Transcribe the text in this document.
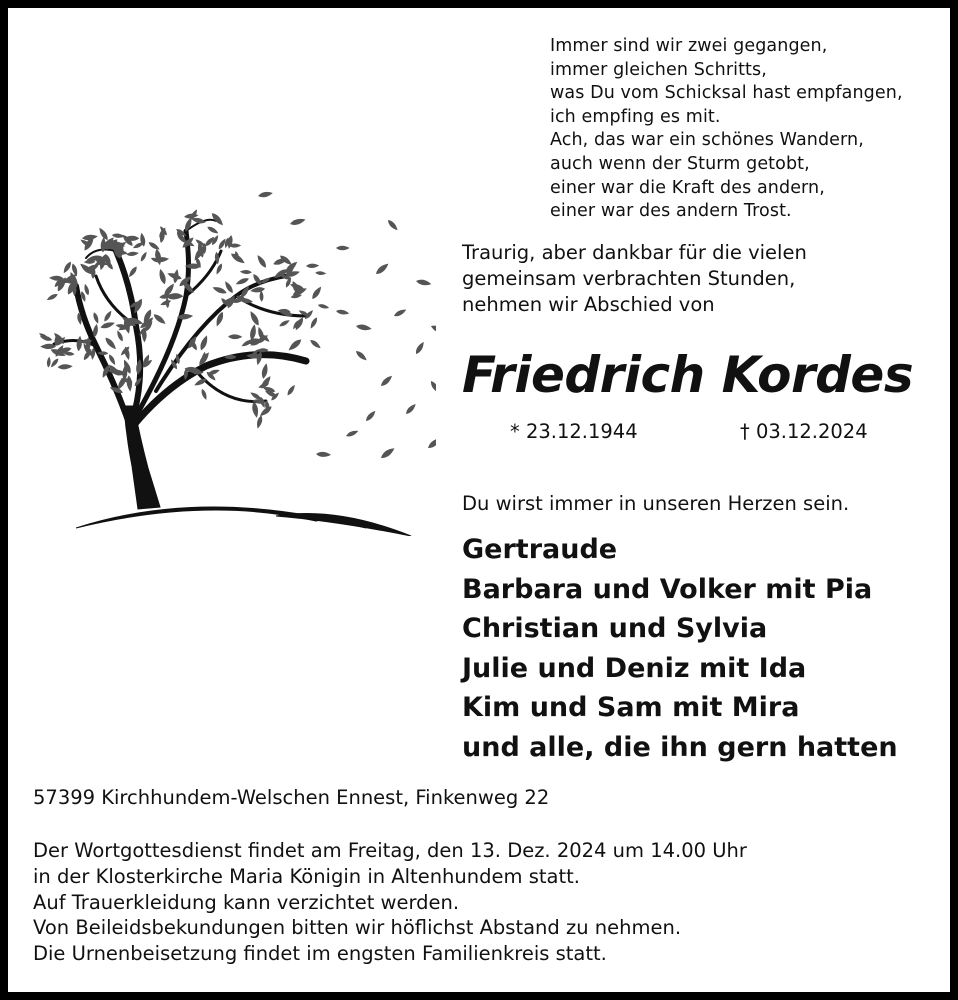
Immer sind wir zwei gegangen,
immer gleichen Schritts,
was Du vom Schicksal hast empfangen,
ich empfing es mit.
Ach, das war ein schönes Wandern,
auch wenn der Sturm getobt,
einer war die Kraft des andern,
einer war des andern Trost.
Traurig, aber dankbar für die vielen
gemeinsam verbrachten Stunden,
nehmen wir Abschied von
Friedrich Kordes
* 23.12.1944	† 03.12.2024
Du wirst immer in unseren Herzen sein.
Gertraude
Barbara und Volker mit Pia
Christian und Sylvia
Julie und Deniz mit Ida
Kim und Sam mit Mira
und alle, die ihn gern hatten
57399 Kirchhundem-Welschen Ennest, Finkenweg 22
Der Wortgottesdienst findet am Freitag, den 13. Dez. 2024 um 14.00 Uhr
in der Klosterkirche Maria Königin in Altenhundem statt.
Auf Trauerkleidung kann verzichtet werden.
Von Beileidsbekundungen bitten wir höflichst Abstand zu nehmen.
Die Urnenbeisetzung findet im engsten Familienkreis statt.
